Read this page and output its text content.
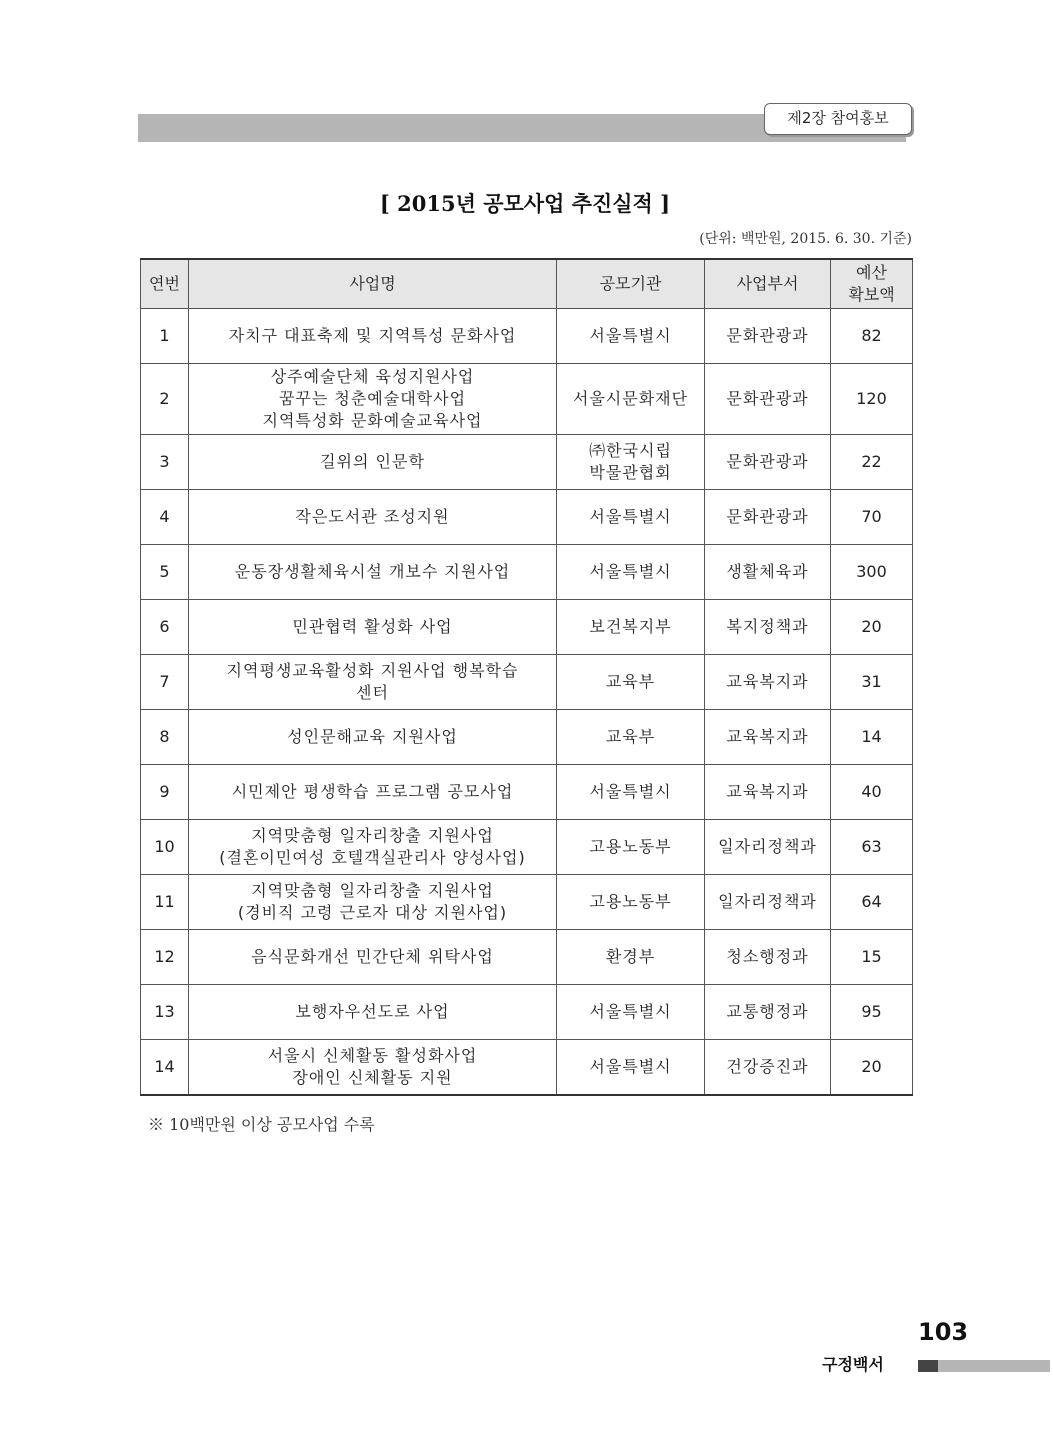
제2장 참여홍보
[ 2015년 공모사업 추진실적 ]
(단위: 백만원, 2015. 6. 30. 기준)
연번	사업명	공모기관	사업부서	예산
확보액

1	자치구 대표축제 및 지역특성 문화사업	서울특별시	문화관광과	82
2	상주예술단체 육성지원사업
꿈꾸는 청춘예술대학사업
지역특성화 문화예술교육사업	서울시문화재단	문화관광과	120
3	길위의 인문학	㈜한국시립
박물관협회	문화관광과	22
4	작은도서관 조성지원	서울특별시	문화관광과	70
5	운동장생활체육시설 개보수 지원사업	서울특별시	생활체육과	300
6	민관협력 활성화 사업	보건복지부	복지정책과	20
7	지역평생교육활성화 지원사업 행복학습
센터	교육부	교육복지과	31
8	성인문해교육 지원사업	교육부	교육복지과	14
9	시민제안 평생학습 프로그램 공모사업	서울특별시	교육복지과	40
10	지역맞춤형 일자리창출 지원사업
(결혼이민여성 호텔객실관리사 양성사업)	고용노동부	일자리정책과	63
11	지역맞춤형 일자리창출 지원사업
(경비직 고령 근로자 대상 지원사업)	고용노동부	일자리정책과	64
12	음식문화개선 민간단체 위탁사업	환경부	청소행정과	15
13	보행자우선도로 사업	서울특별시	교통행정과	95
14	서울시 신체활동 활성화사업
장애인 신체활동 지원	서울특별시	건강증진과	20
※ 10백만원 이상 공모사업 수록
103
구정백서
